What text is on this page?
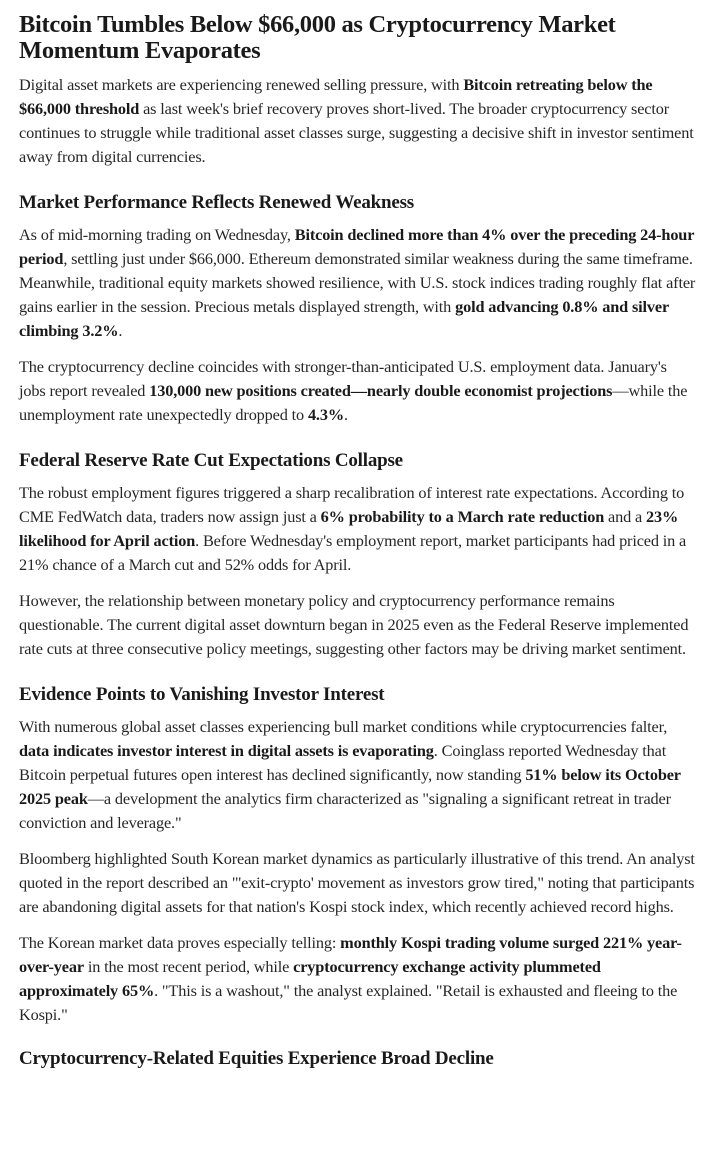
Bitcoin Tumbles Below $66,000 as Cryptocurrency Market Momentum Evaporates

Digital asset markets are experiencing renewed selling pressure, with Bitcoin retreating below the $66,000 threshold as last week's brief recovery proves short-lived. The broader cryptocurrency sector continues to struggle while traditional asset classes surge, suggesting a decisive shift in investor sentiment away from digital currencies.

Market Performance Reflects Renewed Weakness

As of mid-morning trading on Wednesday, Bitcoin declined more than 4% over the preceding 24-hour period, settling just under $66,000. Ethereum demonstrated similar weakness during the same timeframe. Meanwhile, traditional equity markets showed resilience, with U.S. stock indices trading roughly flat after gains earlier in the session. Precious metals displayed strength, with gold advancing 0.8% and silver climbing 3.2%.

The cryptocurrency decline coincides with stronger-than-anticipated U.S. employment data. January's jobs report revealed 130,000 new positions created—nearly double economist projections—while the unemployment rate unexpectedly dropped to 4.3%.

Federal Reserve Rate Cut Expectations Collapse

The robust employment figures triggered a sharp recalibration of interest rate expectations. According to CME FedWatch data, traders now assign just a 6% probability to a March rate reduction and a 23% likelihood for April action. Before Wednesday's employment report, market participants had priced in a 21% chance of a March cut and 52% odds for April.

However, the relationship between monetary policy and cryptocurrency performance remains questionable. The current digital asset downturn began in 2025 even as the Federal Reserve implemented rate cuts at three consecutive policy meetings, suggesting other factors may be driving market sentiment.

Evidence Points to Vanishing Investor Interest

With numerous global asset classes experiencing bull market conditions while cryptocurrencies falter, data indicates investor interest in digital assets is evaporating. Coinglass reported Wednesday that Bitcoin perpetual futures open interest has declined significantly, now standing 51% below its October 2025 peak—a development the analytics firm characterized as "signaling a significant retreat in trader conviction and leverage."

Bloomberg highlighted South Korean market dynamics as particularly illustrative of this trend. An analyst quoted in the report described an "'exit-crypto' movement as investors grow tired," noting that participants are abandoning digital assets for that nation's Kospi stock index, which recently achieved record highs.

The Korean market data proves especially telling: monthly Kospi trading volume surged 221% year-over-year in the most recent period, while cryptocurrency exchange activity plummeted approximately 65%. "This is a washout," the analyst explained. "Retail is exhausted and fleeing to the Kospi."

Cryptocurrency-Related Equities Experience Broad Decline
